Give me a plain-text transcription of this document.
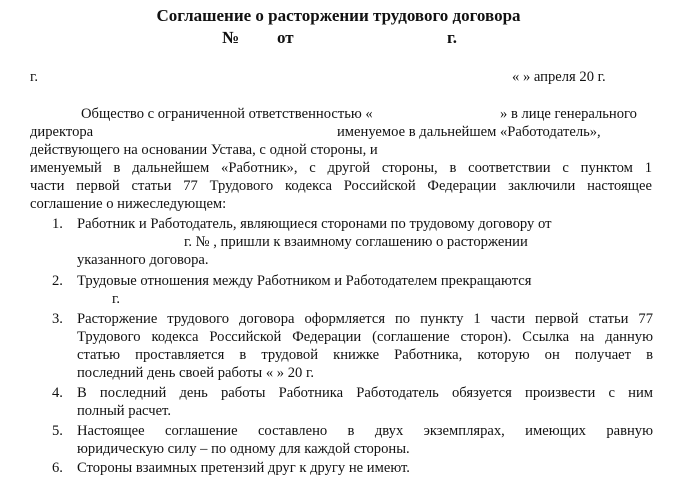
Соглашение о расторжении трудового договора
№ от	г.
г.	« » апреля 20 г.
Общество с ограниченной ответственностью «	» в лице генерального
директора	именуемое в дальнейшем «Работодатель»,
действующего на основании Устава, с одной стороны, и
именуемый в дальнейшем «Работник», с другой стороны, в соответствии с пунктом 1
части первой статьи 77 Трудового кодекса Российской Федерации заключили настоящее
соглашение о нижеследующем:
1. Работник и Работодатель, являющиеся сторонами по трудовому договору от
г. № , пришли к взаимному соглашению о расторжении
указанного договора.
2. Трудовые отношения между Работником и Работодателем прекращаются
г.
3. Расторжение трудового договора оформляется по пункту 1 части первой статьи 77
Трудового кодекса Российской Федерации (соглашение сторон). Ссылка на данную
статью проставляется в трудовой книжке Работника, которую он получает в
последний день своей работы « » 20 г.
4. В последний день работы Работника Работодатель обязуется произвести с ним
полный расчет.
5. Настоящее соглашение составлено в двух экземплярах, имеющих равную
юридическую силу – по одному для каждой стороны.
6. Стороны взаимных претензий друг к другу не имеют.
